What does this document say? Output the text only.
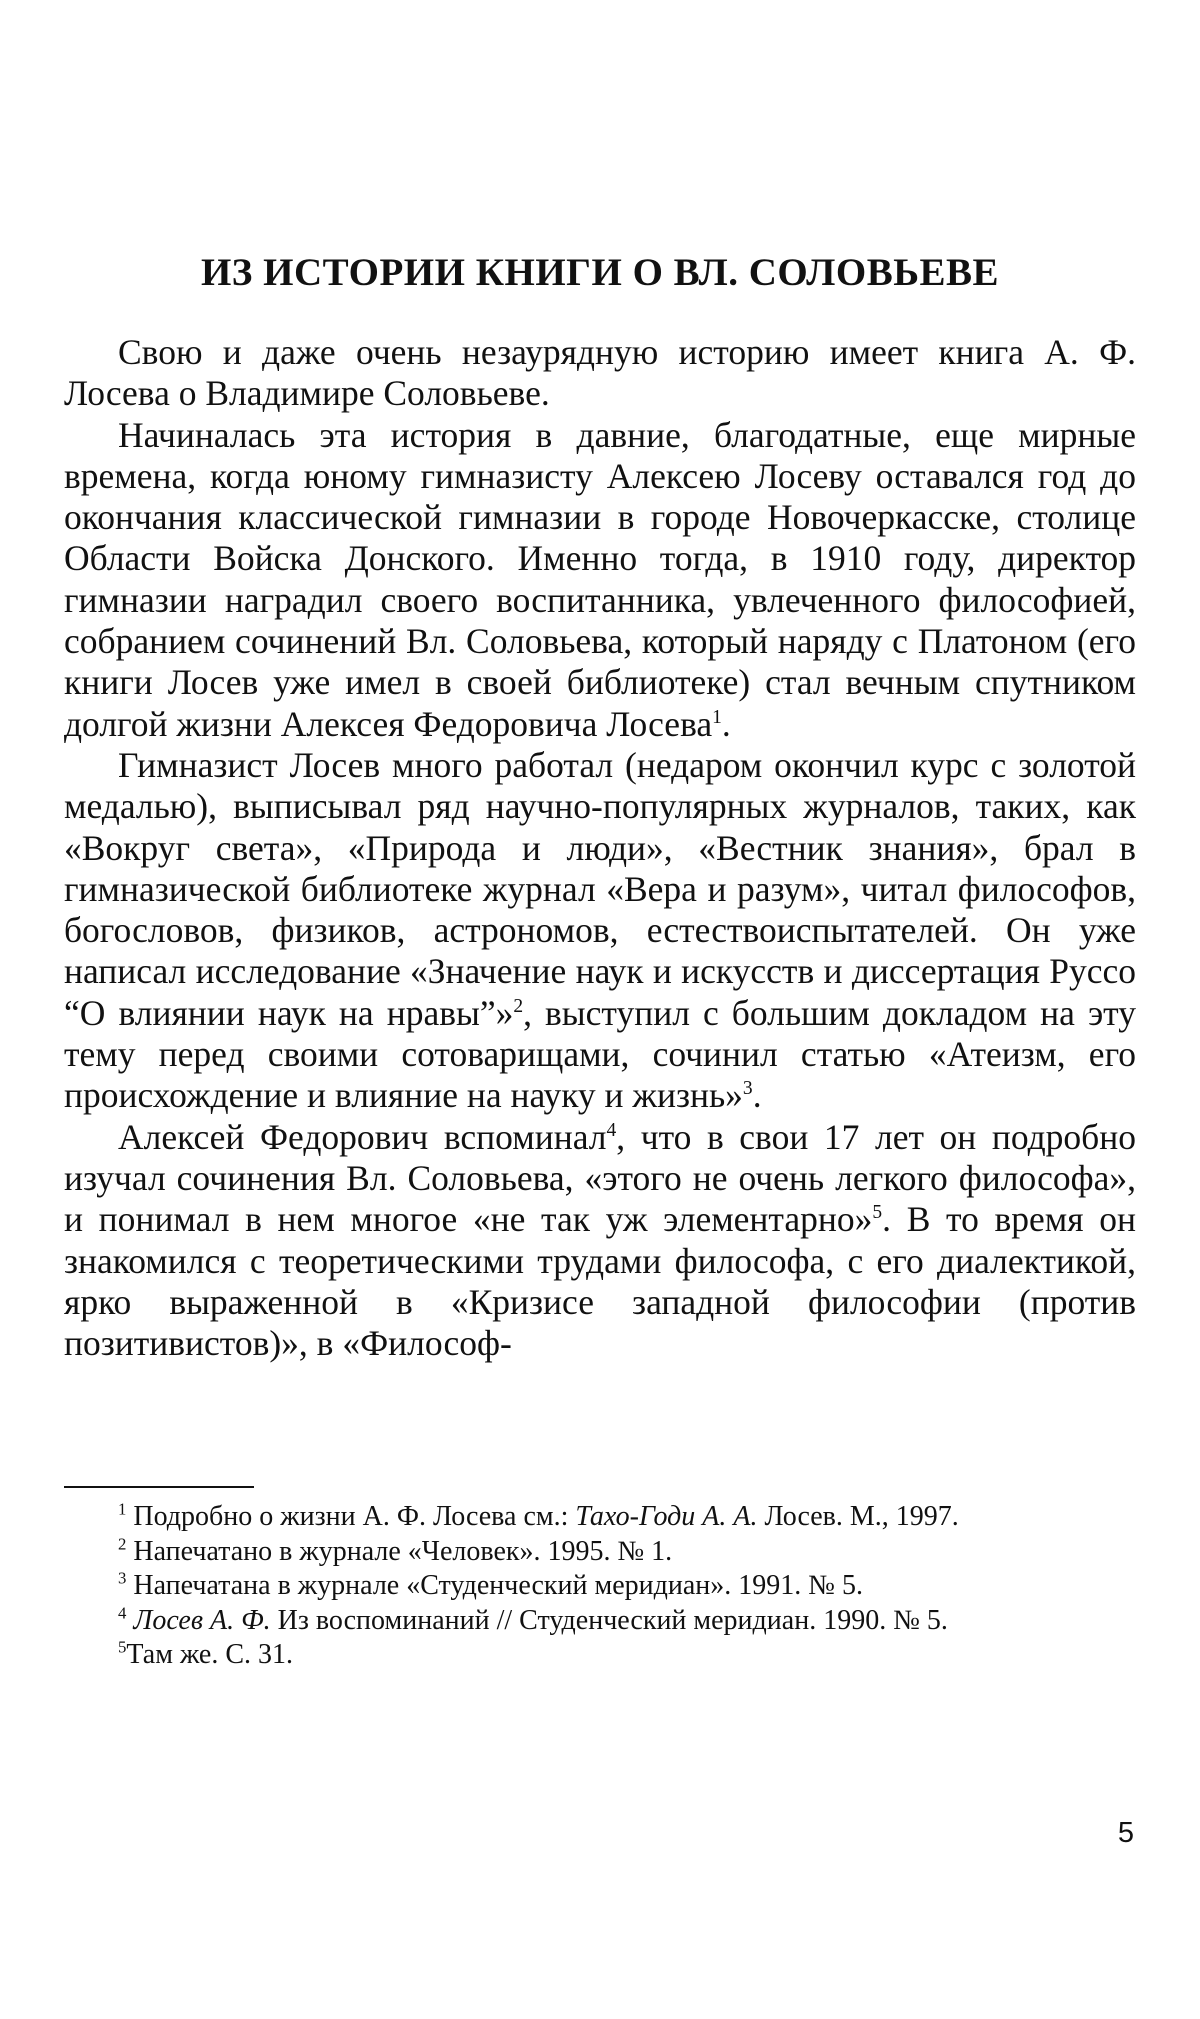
ИЗ ИСТОРИИ КНИГИ О ВЛ. СОЛОВЬЕВЕ

Свою и даже очень незаурядную историю имеет книга А. Ф. Лосева о Владимире Соловьеве.

Начиналась эта история в давние, благодатные, еще мирные времена, когда юному гимназисту Алексею Лосеву оставался год до окончания классической гимназии в городе Новочеркасске, столице Области Войска Донского. Именно тогда, в 1910 году, директор гимназии наградил своего воспитанника, увлеченного философией, собранием сочинений Вл. Соловьева, который наряду с Платоном (его книги Лосев уже имел в своей библиотеке) стал вечным спутником долгой жизни Алексея Федоровича Лосева$^1$.

Гимназист Лосев много работал (недаром окончил курс с золотой медалью), выписывал ряд научно-популярных журналов, таких, как «Вокруг света», «Природа и люди», «Вестник знания», брал в гимназической библиотеке журнал «Вера и разум», читал философов, богословов, физиков, астрономов, естествоиспытателей. Он уже написал исследование «Значение наук и искусств и диссертация Руссо “О влиянии наук на нравы”»$^2$, выступил с большим докладом на эту тему перед своими сотоварищами, сочинил статью «Атеизм, его происхождение и влияние на науку и жизнь»$^3$.

Алексей Федорович вспоминал$^4$, что в свои 17 лет он подробно изучал сочинения Вл. Соловьева, «этого не очень легкого философа», и понимал в нем многое «не так уж элементарно»$^5$. В то время он знакомился с теоретическими трудами философа, с его диалектикой, ярко выраженной в «Кризисе западной философии (против позитивистов)», в «Философ-

$^1$ Подробно о жизни А. Ф. Лосева см.: Тахо-Годи А. А. Лосев. М., 1997.

$^2$ Напечатано в журнале «Человек». 1995. № 1.

$^3$ Напечатана в журнале «Студенческий меридиан». 1991. № 5.

$^4$ Лосев А. Ф. Из воспоминаний // Студенческий меридиан. 1990. № 5.

$^5$Там же. С. 31.

5
